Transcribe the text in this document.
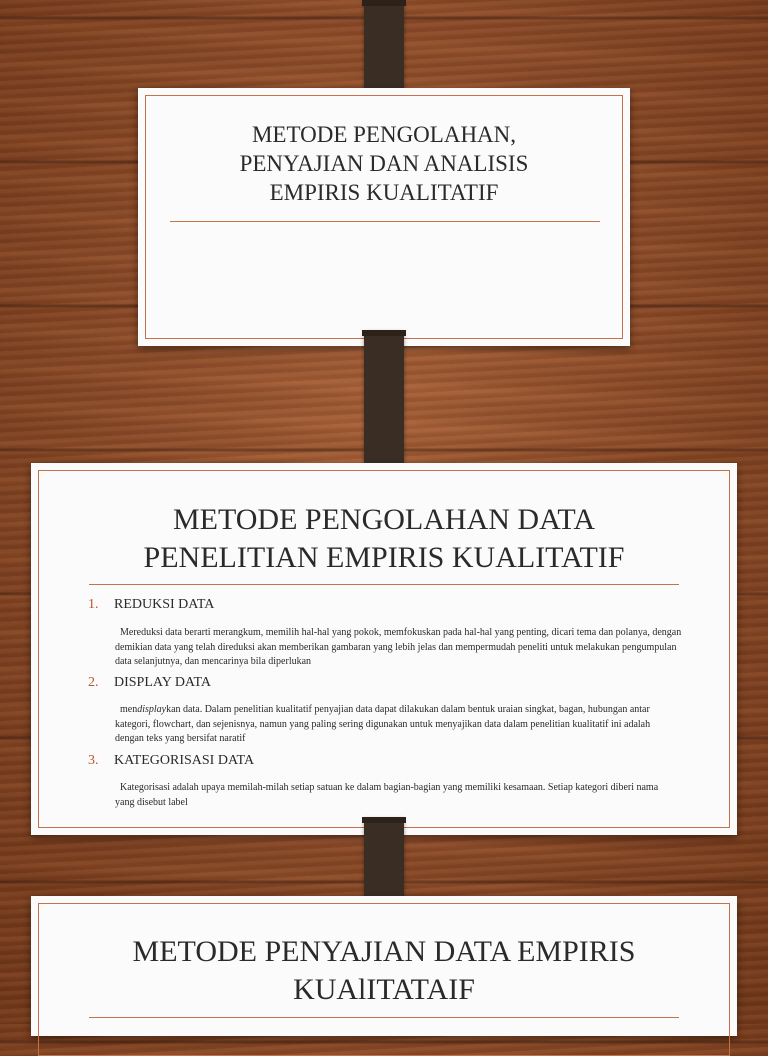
METODE PENGOLAHAN,

PENYAJIAN DAN ANALISIS

EMPIRIS KUALITATIF

METODE PENGOLAHAN DATA

PENELITIAN EMPIRIS KUALITATIF

1.	REDUKSI DATA
Mereduksi data berarti merangkum, memilih hal-hal yang pokok, memfokuskan pada hal-hal yang penting, dicari tema dan polanya, dengan demikian data yang telah direduksi akan memberikan gambaran yang lebih jelas dan mempermudah peneliti untuk melakukan pengumpulan data selanjutnya, dan mencarinya bila diperlukan
2.	DISPLAY DATA
mendisplaykan data. Dalam penelitian kualitatif penyajian data dapat dilakukan dalam bentuk uraian singkat, bagan, hubungan antar kategori, flowchart, dan sejenisnya, namun yang paling sering digunakan untuk menyajikan data dalam penelitian kualitatif ini adalah dengan teks yang bersifat naratif
3.	KATEGORISASI DATA
Kategorisasi adalah upaya memilah-milah setiap satuan ke dalam bagian-bagian yang memiliki kesamaan. Setiap kategori diberi nama yang disebut label

METODE PENYAJIAN DATA EMPIRIS

KUAlITATAIF
